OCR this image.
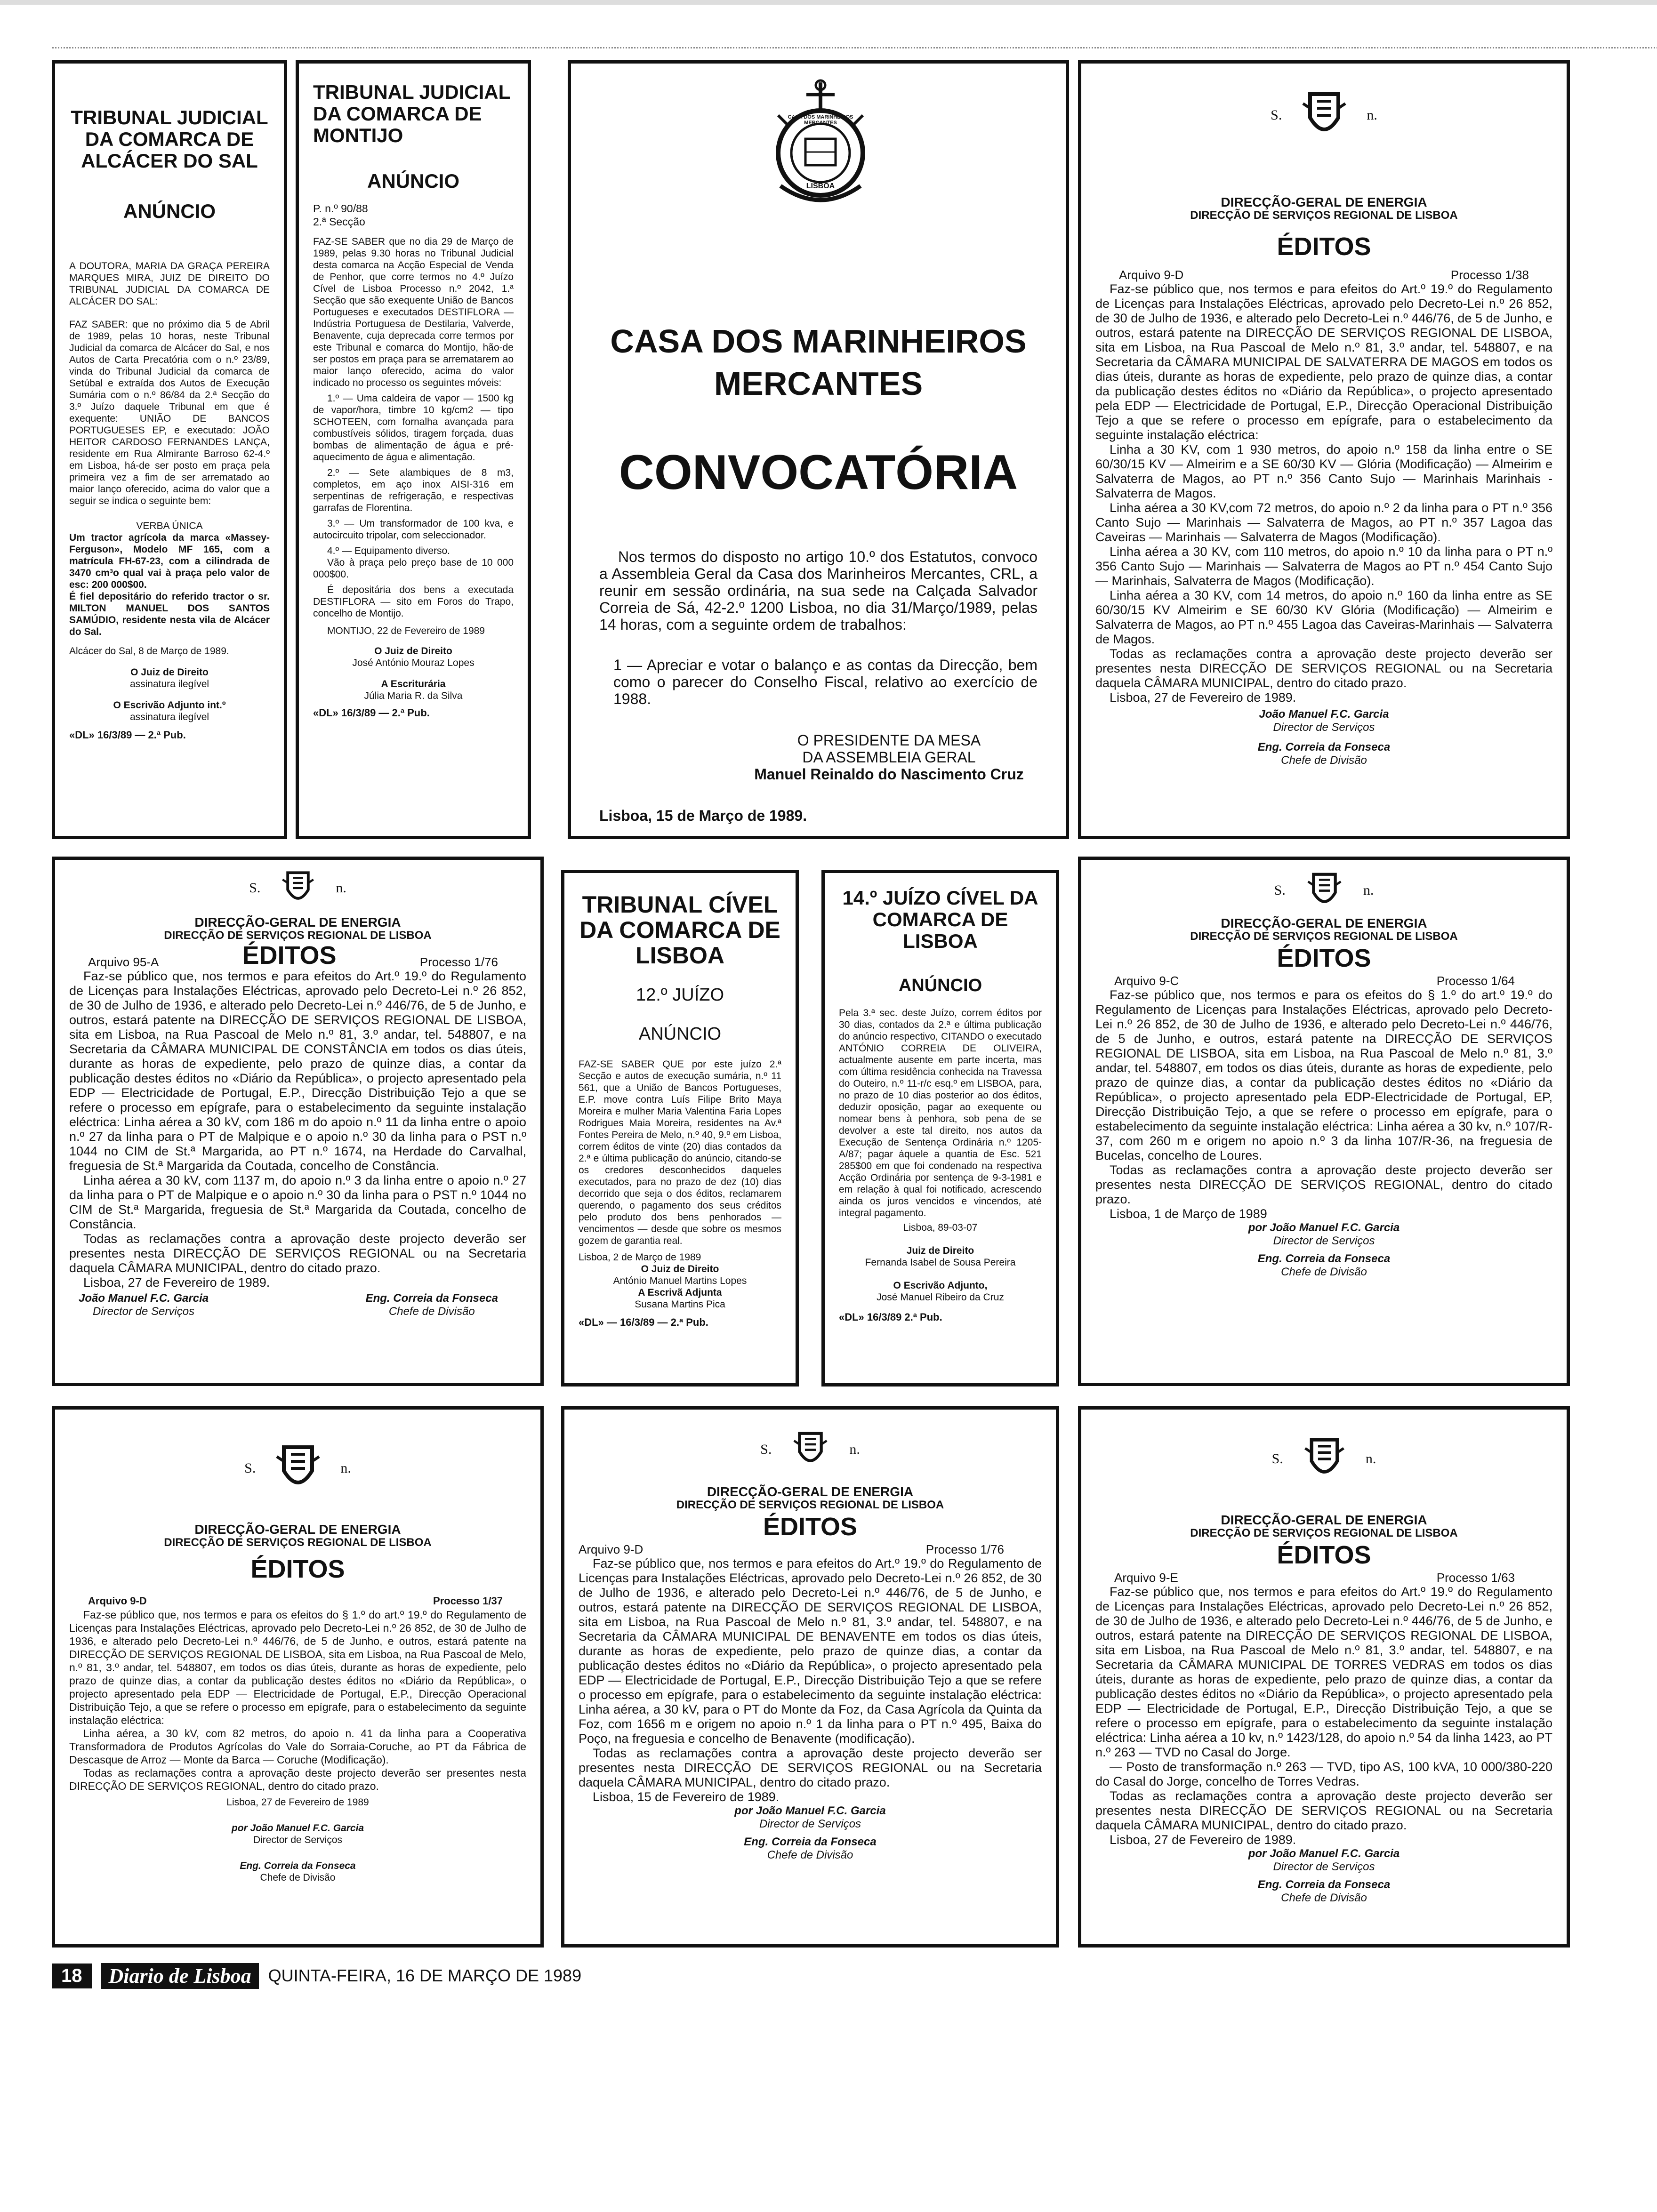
TRIBUNAL JUDICIAL DA COMARCA DE ALCÁCER DO SAL
ANÚNCIO
A DOUTORA, MARIA DA GRAÇA PEREIRA MARQUES MIRA, JUIZ DE DIREITO DO TRIBUNAL JUDICIAL DA COMARCA DE ALCÁCER DO SAL:
FAZ SABER: que no próximo dia 5 de Abril de 1989, pelas 10 horas, neste Tribunal Judicial da comarca de Alcácer do Sal, e nos Autos de Carta Precatória com o n.º 23/89, vinda do Tribunal Judicial da comarca de Setúbal e extraída dos Autos de Execução Sumária com o n.º 86/84 da 2.ª Secção do 3.º Juízo daquele Tribunal em que é exequente: UNIÃO DE BANCOS PORTUGUESES EP, e executado: JOÃO HEITOR CARDOSO FERNANDES LANÇA, residente em Rua Almirante Barroso 62-4.º em Lisboa, há-de ser posto em praça pela primeira vez a fim de ser arrematado ao maior lanço oferecido, acima do valor que a seguir se indica o seguinte bem:
VERBA ÚNICA
Um tractor agrícola da marca «Massey-Ferguson», Modelo MF 165, com a matrícula FH-67-23, com a cilindrada de 3470 cm³o qual vai à praça pelo valor de esc: 200 000$00.
É fiel depositário do referido tractor o sr. MILTON MANUEL DOS SANTOS SAMÚDIO, residente nesta vila de Alcácer do Sal.
Alcácer do Sal, 8 de Março de 1989.
O Juiz de Direito
assinatura ilegível
O Escrivão Adjunto int.º
assinatura ilegível
«DL» 16/3/89 — 2.ª Pub.
TRIBUNAL JUDICIAL DA COMARCA DE MONTIJO
ANÚNCIO
P. n.º 90/88
2.ª Secção
FAZ-SE SABER que no dia 29 de Março de 1989, pelas 9.30 horas no Tribunal Judicial desta comarca na Acção Especial de Venda de Penhor, que corre termos no 4.º Juízo Cível de Lisboa Processo n.º 2042, 1.ª Secção que são exequente União de Bancos Portugueses e executados DESTIFLORA — Indústria Portuguesa de Destilaria, Valverde, Benavente, cuja deprecada corre termos por este Tribunal e comarca do Montijo, hão-de ser postos em praça para se arrematarem ao maior lanço oferecido, acima do valor indicado no processo os seguintes móveis:

1.º — Uma caldeira de vapor — 1500 kg de vapor/hora, timbre 10 kg/cm2 — tipo SCHOTEEN, com fornalha avançada para combustíveis sólidos, tiragem forçada, duas bombas de alimentação de água e pré-aquecimento de água e alimentação.

2.º — Sete alambiques de 8 m3, completos, em aço inox AISI-316 em serpentinas de refrigeração, e respectivas garrafas de Florentina.

3.º — Um transformador de 100 kva, e autocircuito tripolar, com seleccionador.

4.º — Equipamento diverso.

Vão à praça pelo preço base de 10 000 000$00.

É depositária dos bens a executada DESTIFLORA — sito em Foros do Trapo, concelho de Montijo.

MONTIJO, 22 de Fevereiro de 1989
O Juiz de Direito
José António Mouraz Lopes
A Escriturária
Júlia Maria R. da Silva
«DL» 16/3/89 — 2.ª Pub.
CASA DOS MARINHEIROS MERCANTES
LISBOA
CASA DOS MARINHEIROS
MERCANTES
CONVOCATÓRIA
Nos termos do disposto no artigo 10.º dos Estatutos, convoco a Assembleia Geral da Casa dos Marinheiros Mercantes, CRL, a reunir em sessão ordinária, na sua sede na Calçada Salvador Correia de Sá, 42-2.º 1200 Lisboa, no dia 31/Março/1989, pelas 14 horas, com a seguinte ordem de trabalhos:
1 — Apreciar e votar o balanço e as contas da Direcção, bem como o parecer do Conselho Fiscal, relativo ao exercício de 1988.
O PRESIDENTE DA MESA
DA ASSEMBLEIA GERAL
Manuel Reinaldo do Nascimento Cruz
Lisboa, 15 de Março de 1989.
S.	n.
DIRECÇÃO-GERAL DE ENERGIA
DIRECÇÃO DE SERVIÇOS REGIONAL DE LISBOA
ÉDITOS
Arquivo 9-D	Processo 1/38

Faz-se público que, nos termos e para efeitos do Art.º 19.º do Regulamento de Licenças para Instalações Eléctricas, aprovado pelo Decreto-Lei n.º 26 852, de 30 de Julho de 1936, e alterado pelo Decreto-Lei n.º 446/76, de 5 de Junho, e outros, estará patente na DIRECÇÃO DE SERVIÇOS REGIONAL DE LISBOA, sita em Lisboa, na Rua Pascoal de Melo n.º 81, 3.º andar, tel. 548807, e na Secretaria da CÂMARA MUNICIPAL DE SALVATERRA DE MAGOS em todos os dias úteis, durante as horas de expediente, pelo prazo de quinze dias, a contar da publicação destes éditos no «Diário da República», o projecto apresentado pela EDP — Electricidade de Portugal, E.P., Direcção Operacional Distribuição Tejo a que se refere o processo em epígrafe, para o estabelecimento da seguinte instalação eléctrica:

Linha a 30 KV, com 1 930 metros, do apoio n.º 158 da linha entre o SE 60/30/15 KV — Almeirim e a SE 60/30 KV — Glória (Modificação) — Almeirim e Salvaterra de Magos, ao PT n.º 356 Canto Sujo — Marinhais Marinhais - Salvaterra de Magos.

Linha aérea a 30 KV,com 72 metros, do apoio n.º 2 da linha para o PT n.º 356 Canto Sujo — Marinhais — Salvaterra de Magos, ao PT n.º 357 Lagoa das Caveiras — Marinhais — Salvaterra de Magos (Modificação).

Linha aérea a 30 KV, com 110 metros, do apoio n.º 10 da linha para o PT n.º 356 Canto Sujo — Marinhais — Salvaterra de Magos ao PT n.º 454 Canto Sujo — Marinhais, Salvaterra de Magos (Modificação).

Linha aérea a 30 KV, com 14 metros, do apoio n.º 160 da linha entre as SE 60/30/15 KV Almeirim e SE 60/30 KV Glória (Modificação) — Almeirim e Salvaterra de Magos, ao PT n.º 455 Lagoa das Caveiras-Marinhais — Salvaterra de Magos.

Todas as reclamações contra a aprovação deste projecto deverão ser presentes nesta DIRECÇÃO DE SERVIÇOS REGIONAL ou na Secretaria daquela CÂMARA MUNICIPAL, dentro do citado prazo.

Lisboa, 27 de Fevereiro de 1989.

João Manuel F.C. Garcia
Director de Serviços
Eng. Correia da Fonseca
Chefe de Divisão
S.	n.
DIRECÇÃO-GERAL DE ENERGIA
DIRECÇÃO DE SERVIÇOS REGIONAL DE LISBOA
Arquivo 95-A	ÉDITOS	Processo 1/76

Faz-se público que, nos termos e para efeitos do Art.º 19.º do Regulamento de Licenças para Instalações Eléctricas, aprovado pelo Decreto-Lei n.º 26 852, de 30 de Julho de 1936, e alterado pelo Decreto-Lei n.º 446/76, de 5 de Junho, e outros, estará patente na DIRECÇÃO DE SERVIÇOS REGIONAL DE LISBOA, sita em Lisboa, na Rua Pascoal de Melo n.º 81, 3.º andar, tel. 548807, e na Secretaria da CÂMARA MUNICIPAL DE CONSTÂNCIA em todos os dias úteis, durante as horas de expediente, pelo prazo de quinze dias, a contar da publicação destes éditos no «Diário da República», o projecto apresentado pela EDP — Electricidade de Portugal, E.P., Direcção Distribuição Tejo a que se refere o processo em epígrafe, para o estabelecimento da seguinte instalação eléctrica: Linha aérea a 30 kV, com 186 m do apoio n.º 11 da linha entre o apoio n.º 27 da linha para o PT de Malpique e o apoio n.º 30 da linha para o PST n.º 1044 no CIM de St.ª Margarida, ao PT n.º 1674, na Herdade do Carvalhal, freguesia de St.ª Margarida da Coutada, concelho de Constância.

Linha aérea a 30 kV, com 1137 m, do apoio n.º 3 da linha entre o apoio n.º 27 da linha para o PT de Malpique e o apoio n.º 30 da linha para o PST n.º 1044 no CIM de St.ª Margarida, freguesia de St.ª Margarida da Coutada, concelho de Constância.

Todas as reclamações contra a aprovação deste projecto deverão ser presentes nesta DIRECÇÃO DE SERVIÇOS REGIONAL ou na Secretaria daquela CÂMARA MUNICIPAL, dentro do citado prazo.

Lisboa, 27 de Fevereiro de 1989.

João Manuel F.C. Garcia
Director de Serviços
Eng. Correia da Fonseca
Chefe de Divisão
TRIBUNAL CÍVEL DA COMARCA DE LISBOA
12.º JUÍZO
ANÚNCIO
FAZ-SE SABER QUE por este juízo 2.ª Secção e autos de execução sumária, n.º 11 561, que a União de Bancos Portugueses, E.P. move contra Luís Filipe Brito Maya Moreira e mulher Maria Valentina Faria Lopes Rodrigues Maia Moreira, residentes na Av.ª Fontes Pereira de Melo, n.º 40, 9.º em Lisboa, correm éditos de vinte (20) dias contados da 2.ª e última publicação do anúncio, citando-se os credores desconhecidos daqueles executados, para no prazo de dez (10) dias decorrido que seja o dos éditos, reclamarem querendo, o pagamento dos seus créditos pelo produto dos bens penhorados — vencimentos — desde que sobre os mesmos gozem de garantia real.
Lisboa, 2 de Março de 1989
O Juiz de Direito
António Manuel Martins Lopes
A Escrivã Adjunta
Susana Martins Pica
«DL» — 16/3/89 — 2.ª Pub.
14.º JUÍZO CÍVEL DA COMARCA DE LISBOA
ANÚNCIO
Pela 3.ª sec. deste Juízo, correm éditos por 30 dias, contados da 2.ª e última publicação do anúncio respectivo, CITANDO o executado ANTÓNIO CORREIA DE OLIVEIRA, actualmente ausente em parte incerta, mas com última residência conhecida na Travessa do Outeiro, n.º 11-r/c esq.º em LISBOA, para, no prazo de 10 dias posterior ao dos éditos, deduzir oposição, pagar ao exequente ou nomear bens à penhora, sob pena de se devolver a este tal direito, nos autos da Execução de Sentença Ordinária n.º 1205-A/87; pagar áquele a quantia de Esc. 521 285$00 em que foi condenado na respectiva Acção Ordinária por sentença de 9-3-1981 e em relação à qual foi notificado, acrescendo ainda os juros vencidos e vincendos, até integral pagamento.
Lisboa, 89-03-07
Juiz de Direito
Fernanda Isabel de Sousa Pereira
O Escrivão Adjunto,
José Manuel Ribeiro da Cruz
«DL» 16/3/89 2.ª Pub.
S.	n.
DIRECÇÃO-GERAL DE ENERGIA
DIRECÇÃO DE SERVIÇOS REGIONAL DE LISBOA
ÉDITOS
Arquivo 9-C	Processo 1/64

Faz-se público que, nos termos e para os efeitos do § 1.º do art.º 19.º do Regulamento de Licenças para Instalações Eléctricas, aprovado pelo Decreto-Lei n.º 26 852, de 30 de Julho de 1936, e alterado pelo Decreto-Lei n.º 446/76, de 5 de Junho, e outros, estará patente na DIRECÇÃO DE SERVIÇOS REGIONAL DE LISBOA, sita em Lisboa, na Rua Pascoal de Melo n.º 81, 3.º andar, tel. 548807, em todos os dias úteis, durante as horas de expediente, pelo prazo de quinze dias, a contar da publicação destes éditos no «Diário da República», o projecto apresentado pela EDP-Electricidade de Portugal, EP, Direcção Distribuição Tejo, a que se refere o processo em epígrafe, para o estabelecimento da seguinte instalação eléctrica: Linha aérea a 30 kv, n.º 107/R-37, com 260 m e origem no apoio n.º 3 da linha 107/R-36, na freguesia de Bucelas, concelho de Loures.

Todas as reclamações contra a aprovação deste projecto deverão ser presentes nesta DIRECÇÃO DE SERVIÇOS REGIONAL, dentro do citado prazo.

Lisboa, 1 de Março de 1989

por João Manuel F.C. Garcia
Director de Serviços
Eng. Correia da Fonseca
Chefe de Divisão
S.	n.
DIRECÇÃO-GERAL DE ENERGIA
DIRECÇÃO DE SERVIÇOS REGIONAL DE LISBOA
ÉDITOS
Arquivo 9-D	Processo 1/37

Faz-se público que, nos termos e para os efeitos do § 1.º do art.º 19.º do Regulamento de Licenças para Instalações Eléctricas, aprovado pelo Decreto-Lei n.º 26 852, de 30 de Julho de 1936, e alterado pelo Decreto-Lei n.º 446/76, de 5 de Junho, e outros, estará patente na DIRECÇÃO DE SERVIÇOS REGIONAL DE LISBOA, sita em Lisboa, na Rua Pascoal de Melo, n.º 81, 3.º andar, tel. 548807, em todos os dias úteis, durante as horas de expediente, pelo prazo de quinze dias, a contar da publicação destes éditos no «Diário da República», o projecto apresentado pela EDP — Electricidade de Portugal, E.P., Direcção Operacional Distribuição Tejo, a que se refere o processo em epígrafe, para o estabelecimento da seguinte instalação eléctrica:

Linha aérea, a 30 kV, com 82 metros, do apoio n. 41 da linha para a Cooperativa Transformadora de Produtos Agrícolas do Vale do Sorraia-Coruche, ao PT da Fábrica de Descasque de Arroz — Monte da Barca — Coruche (Modificação).

Todas as reclamações contra a aprovação deste projecto deverão ser presentes nesta DIRECÇÃO DE SERVIÇOS REGIONAL, dentro do citado prazo.

Lisboa, 27 de Fevereiro de 1989
por João Manuel F.C. Garcia
Director de Serviços
Eng. Correia da Fonseca
Chefe de Divisão
S.	n.
DIRECÇÃO-GERAL DE ENERGIA
DIRECÇÃO DE SERVIÇOS REGIONAL DE LISBOA
ÉDITOS
Arquivo 9-D	Processo 1/76

Faz-se público que, nos termos e para efeitos do Art.º 19.º do Regulamento de Licenças para Instalações Eléctricas, aprovado pelo Decreto-Lei n.º 26 852, de 30 de Julho de 1936, e alterado pelo Decreto-Lei n.º 446/76, de 5 de Junho, e outros, estará patente na DIRECÇÃO DE SERVIÇOS REGIONAL DE LISBOA, sita em Lisboa, na Rua Pascoal de Melo n.º 81, 3.º andar, tel. 548807, e na Secretaria da CÂMARA MUNICIPAL DE BENAVENTE em todos os dias úteis, durante as horas de expediente, pelo prazo de quinze dias, a contar da publicação destes éditos no «Diário da República», o projecto apresentado pela EDP — Electricidade de Portugal, E.P., Direcção Distribuição Tejo a que se refere o processo em epígrafe, para o estabelecimento da seguinte instalação eléctrica: Linha aérea, a 30 kV, para o PT do Monte da Foz, da Casa Agrícola da Quinta da Foz, com 1656 m e origem no apoio n.º 1 da linha para o PT n.º 495, Baixa do Poço, na freguesia e concelho de Benavente (modificação).

Todas as reclamações contra a aprovação deste projecto deverão ser presentes nesta DIRECÇÃO DE SERVIÇOS REGIONAL ou na Secretaria daquela CÂMARA MUNICIPAL, dentro do citado prazo.

Lisboa, 15 de Fevereiro de 1989.

por João Manuel F.C. Garcia
Director de Serviços
Eng. Correia da Fonseca
Chefe de Divisão
S.	n.
DIRECÇÃO-GERAL DE ENERGIA
DIRECÇÃO DE SERVIÇOS REGIONAL DE LISBOA
ÉDITOS
Arquivo 9-E	Processo 1/63

Faz-se público que, nos termos e para efeitos do Art.º 19.º do Regulamento de Licenças para Instalações Eléctricas, aprovado pelo Decreto-Lei n.º 26 852, de 30 de Julho de 1936, e alterado pelo Decreto-Lei n.º 446/76, de 5 de Junho, e outros, estará patente na DIRECÇÃO DE SERVIÇOS REGIONAL DE LISBOA, sita em Lisboa, na Rua Pascoal de Melo n.º 81, 3.º andar, tel. 548807, e na Secretaria da CÂMARA MUNICIPAL DE TORRES VEDRAS em todos os dias úteis, durante as horas de expediente, pelo prazo de quinze dias, a contar da publicação destes éditos no «Diário da República», o projecto apresentado pela EDP — Electricidade de Portugal, E.P., Direcção Distribuição Tejo, a que se refere o processo em epígrafe, para o estabelecimento da seguinte instalação eléctrica: Linha aérea a 10 kv, n.º 1423/128, do apoio n.º 54 da linha 1423, ao PT n.º 263 — TVD no Casal do Jorge.

— Posto de transformação n.º 263 — TVD, tipo AS, 100 kVA, 10 000/380-220 do Casal do Jorge, concelho de Torres Vedras.

Todas as reclamações contra a aprovação deste projecto deverão ser presentes nesta DIRECÇÃO DE SERVIÇOS REGIONAL ou na Secretaria daquela CÂMARA MUNICIPAL, dentro do citado prazo.

Lisboa, 27 de Fevereiro de 1989.

por João Manuel F.C. Garcia
Director de Serviços
Eng. Correia da Fonseca
Chefe de Divisão
18	Diario de Lisboa	QUINTA-FEIRA, 16 DE MARÇO DE 1989
